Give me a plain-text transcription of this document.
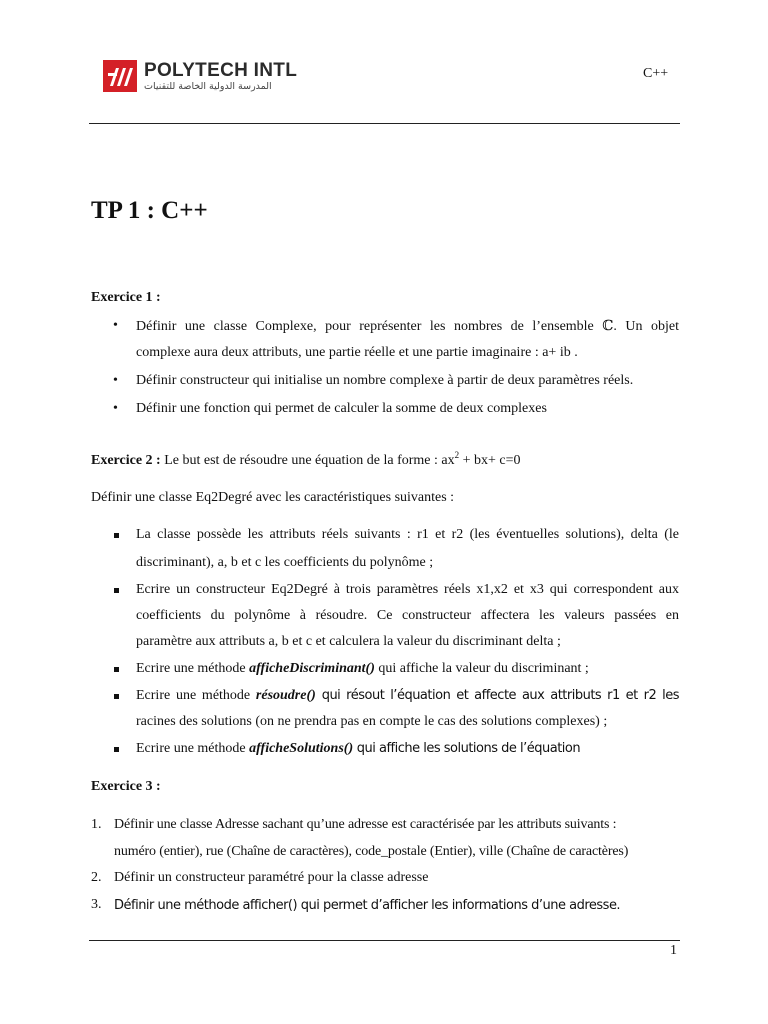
POLYTECH INTL
المدرسة الدولية الخاصة للتقنيات
C++
TP 1 : C++
Exercice 1 :
• Définir une classe Complexe, pour représenter les nombres de l’ensemble ℂ. Un objet
complexe aura deux attributs, une partie réelle et une partie imaginaire : a+ ib .
• Définir constructeur qui initialise un nombre complexe à partir de deux paramètres réels.
• Définir une fonction qui permet de calculer la somme de deux complexes
Exercice 2 : Le but est de résoudre une équation de la forme : $ax^2 + bx+ c=0$
Définir une classe Eq2Degré avec les caractéristiques suivantes :
La classe possède les attributs réels suivants : r1 et r2 (les éventuelles solutions), delta (le
discriminant), a, b et c les coefficients du polynôme ;
Ecrire un constructeur Eq2Degré à trois paramètres réels x1,x2 et x3 qui correspondent aux
coefficients du polynôme à résoudre. Ce constructeur affectera les valeurs passées en
paramètre aux attributs a, b et c et calculera la valeur du discriminant delta ;
Ecrire une méthode afficheDiscriminant() qui affiche la valeur du discriminant ;
Ecrire une méthode résoudre() qui résout l’équation et affecte aux attributs r1 et r2 les
racines des solutions (on ne prendra pas en compte le cas des solutions complexes) ;
Ecrire une méthode afficheSolutions() qui affiche les solutions de l’équation
Exercice 3 :
1. Définir une classe Adresse sachant qu’une adresse est caractérisée par les attributs suivants :
numéro (entier), rue (Chaîne de caractères), code_postale (Entier), ville (Chaîne de caractères)
2. Définir un constructeur paramétré pour la classe adresse
3. Définir une méthode afficher() qui permet d’afficher les informations d’une adresse.
1
